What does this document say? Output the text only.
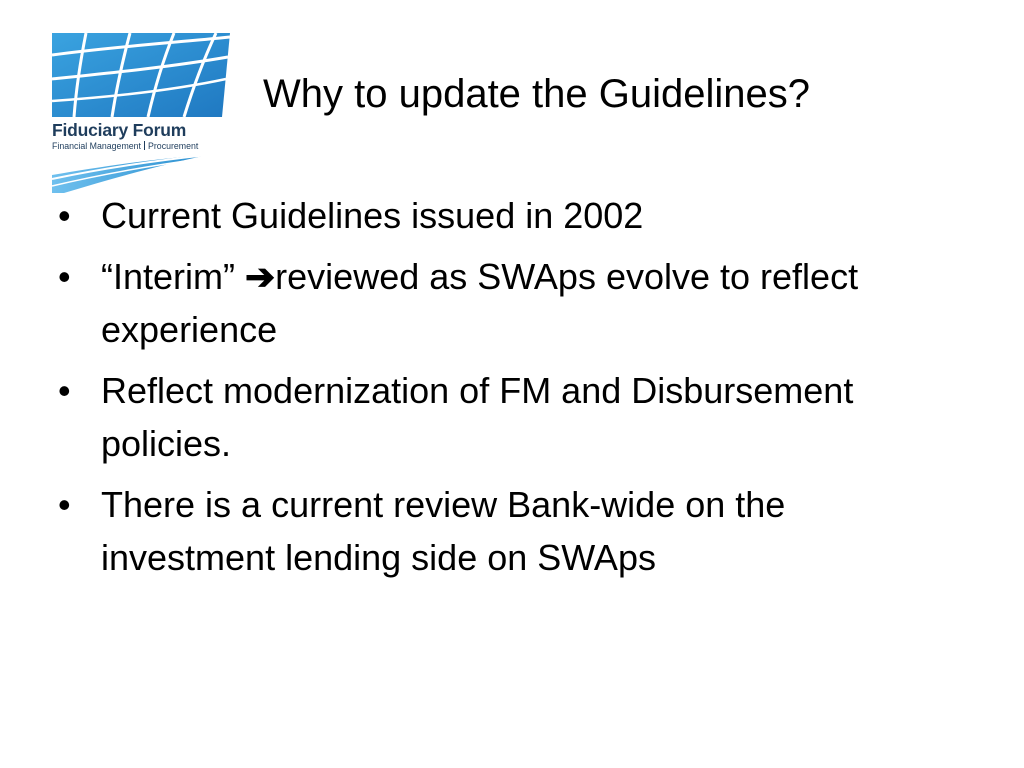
Fiduciary Forum
Financial Management Procurement
Why to update the Guidelines?
• Current Guidelines issued in 2002
• “Interim” ➔reviewed as SWAps evolve to reflect experience
• Reflect modernization of FM and Disbursement policies.
• There is a current review Bank-wide on the investment lending side on SWAps
